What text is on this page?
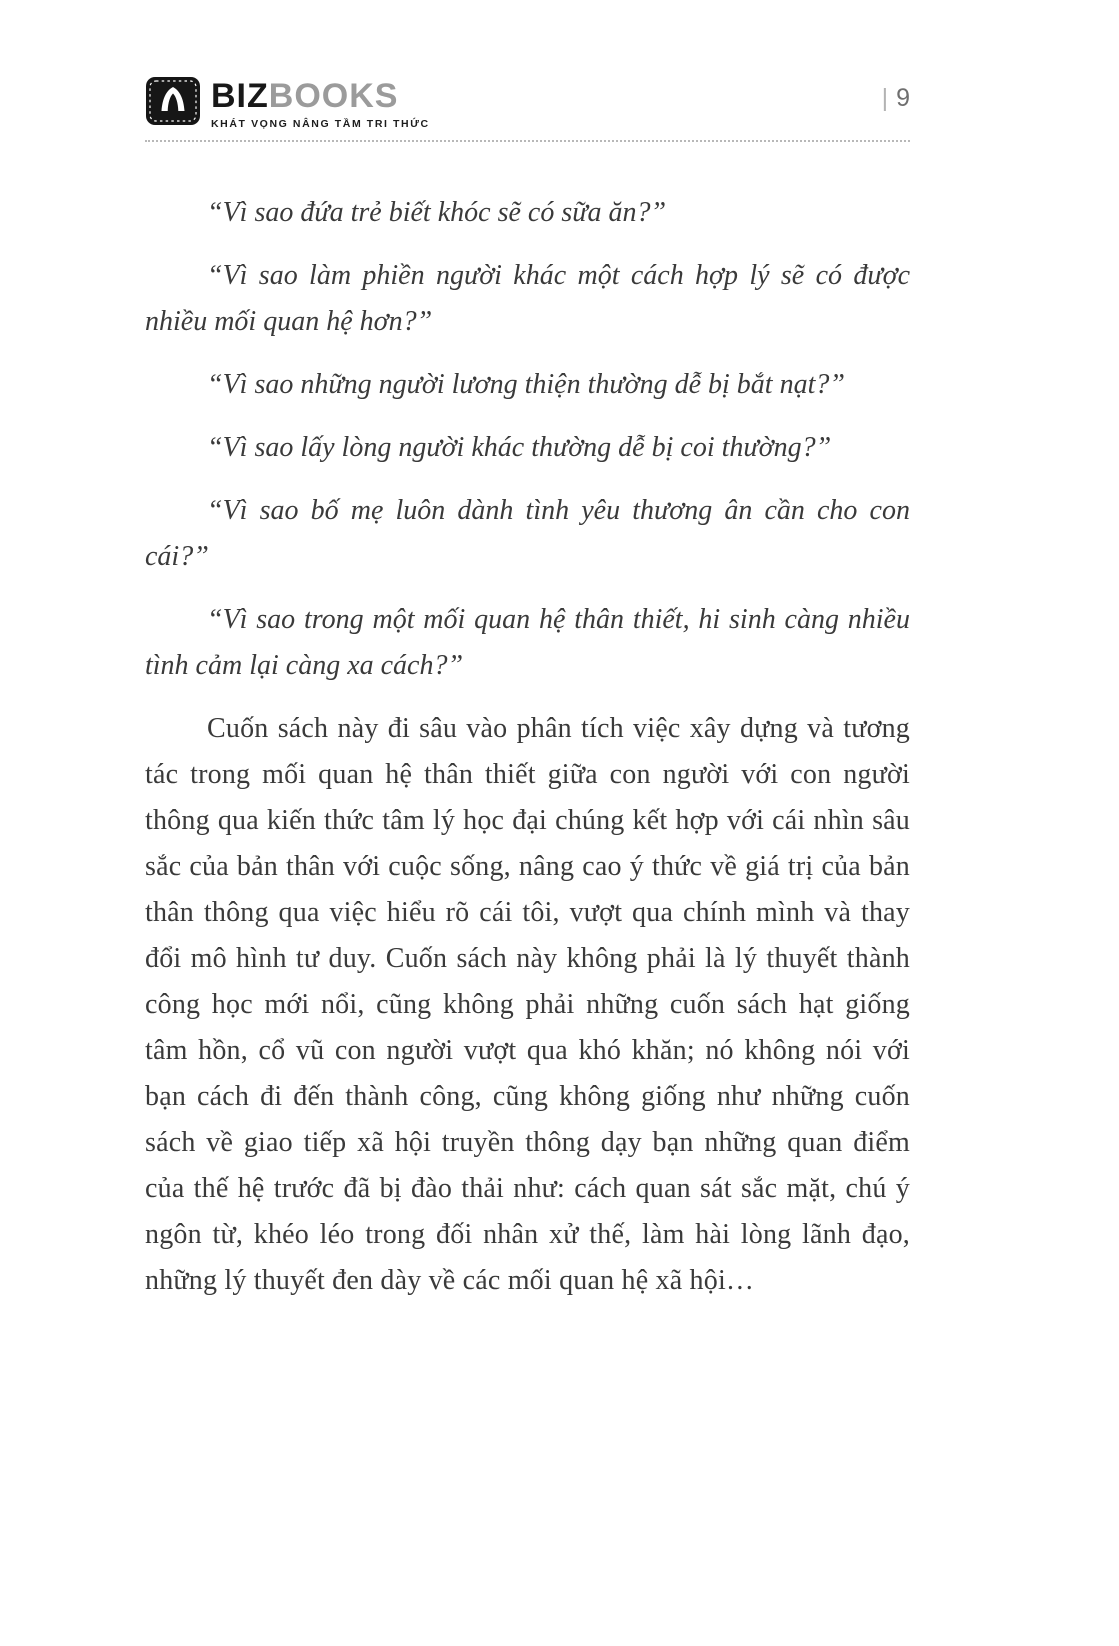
BIZBOOKS
KHÁT VỌNG NÂNG TẦM TRI THỨC
| 9

“Vì sao đứa trẻ biết khóc sẽ có sữa ăn?”

“Vì sao làm phiền người khác một cách hợp lý sẽ có được nhiều mối quan hệ hơn?”

“Vì sao những người lương thiện thường dễ bị bắt nạt?”

“Vì sao lấy lòng người khác thường dễ bị coi thường?”

“Vì sao bố mẹ luôn dành tình yêu thương ân cần cho con cái?”

“Vì sao trong một mối quan hệ thân thiết, hi sinh càng nhiều tình cảm lại càng xa cách?”

Cuốn sách này đi sâu vào phân tích việc xây dựng và tương tác trong mối quan hệ thân thiết giữa con người với con người thông qua kiến thức tâm lý học đại chúng kết hợp với cái nhìn sâu sắc của bản thân với cuộc sống, nâng cao ý thức về giá trị của bản thân thông qua việc hiểu rõ cái tôi, vượt qua chính mình và thay đổi mô hình tư duy. Cuốn sách này không phải là lý thuyết thành công học mới nổi, cũng không phải những cuốn sách hạt giống tâm hồn, cổ vũ con người vượt qua khó khăn; nó không nói với bạn cách đi đến thành công, cũng không giống như những cuốn sách về giao tiếp xã hội truyền thông dạy bạn những quan điểm của thế hệ trước đã bị đào thải như: cách quan sát sắc mặt, chú ý ngôn từ, khéo léo trong đối nhân xử thế, làm hài lòng lãnh đạo, những lý thuyết đen dày về các mối quan hệ xã hội…
